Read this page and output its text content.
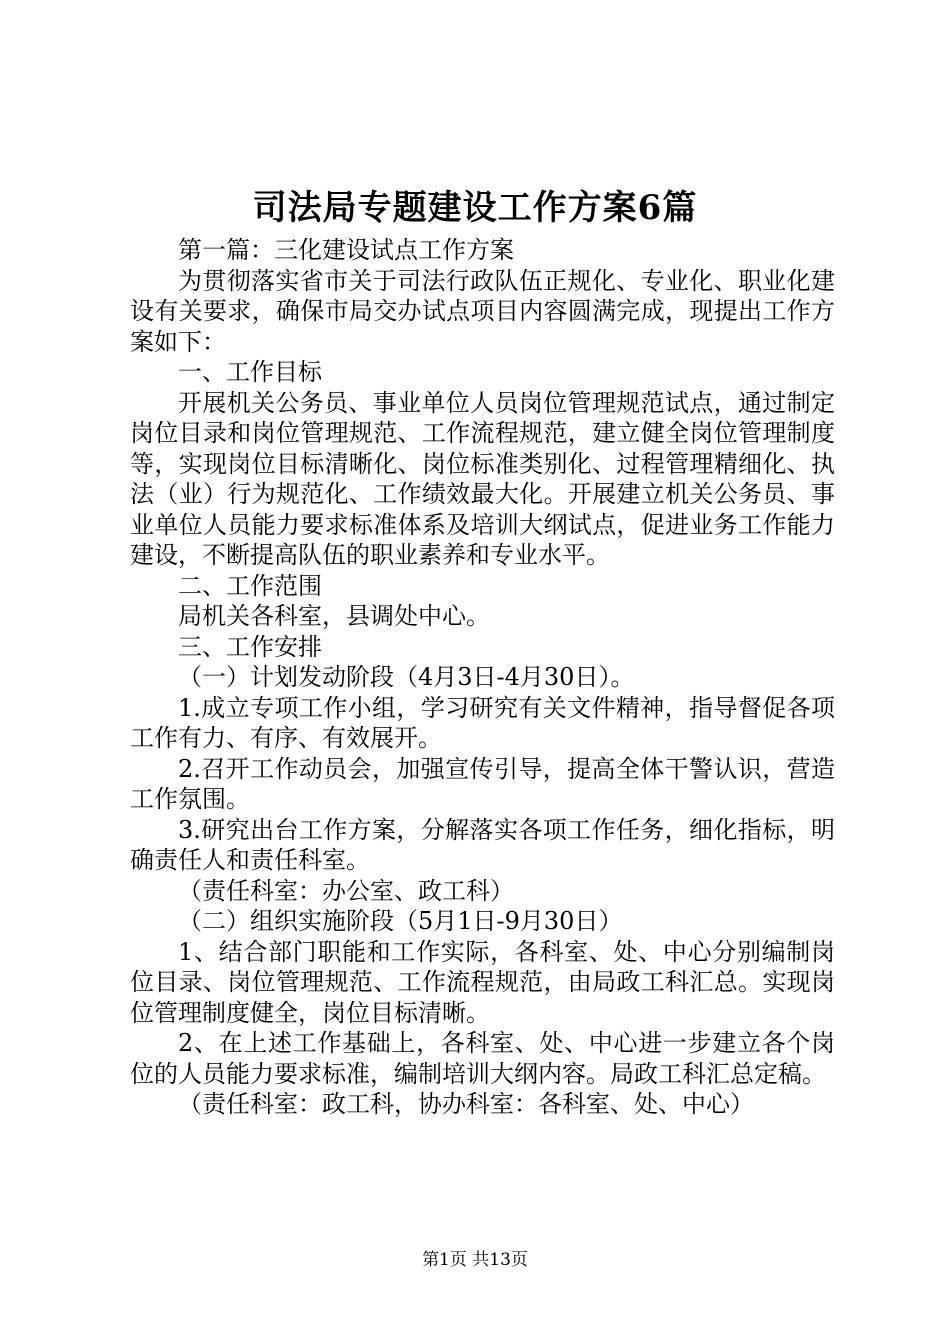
司法局专题建设工作方案6篇

第一篇：三化建设试点工作方案

为贯彻落实省市关于司法行政队伍正规化、专业化、职业化建设有关要求，确保市局交办试点项目内容圆满完成，现提出工作方案如下：

一、工作目标

开展机关公务员、事业单位人员岗位管理规范试点，通过制定岗位目录和岗位管理规范、工作流程规范，建立健全岗位管理制度等，实现岗位目标清晰化、岗位标准类别化、过程管理精细化、执法（业）行为规范化、工作绩效最大化。开展建立机关公务员、事业单位人员能力要求标准体系及培训大纲试点，促进业务工作能力建设，不断提高队伍的职业素养和专业水平。

二、工作范围

局机关各科室，县调处中心。

三、工作安排

（一）计划发动阶段（4月3日-4月30日）。

1.成立专项工作小组，学习研究有关文件精神，指导督促各项工作有力、有序、有效展开。

2.召开工作动员会，加强宣传引导，提高全体干警认识，营造工作氛围。

3.研究出台工作方案，分解落实各项工作任务，细化指标，明确责任人和责任科室。

（责任科室：办公室、政工科）

（二）组织实施阶段（5月1日-9月30日）

1、结合部门职能和工作实际，各科室、处、中心分别编制岗位目录、岗位管理规范、工作流程规范，由局政工科汇总。实现岗位管理制度健全，岗位目标清晰。

2、在上述工作基础上，各科室、处、中心进一步建立各个岗位的人员能力要求标准，编制培训大纲内容。局政工科汇总定稿。

（责任科室：政工科，协办科室：各科室、处、中心）

第1页 共13页
